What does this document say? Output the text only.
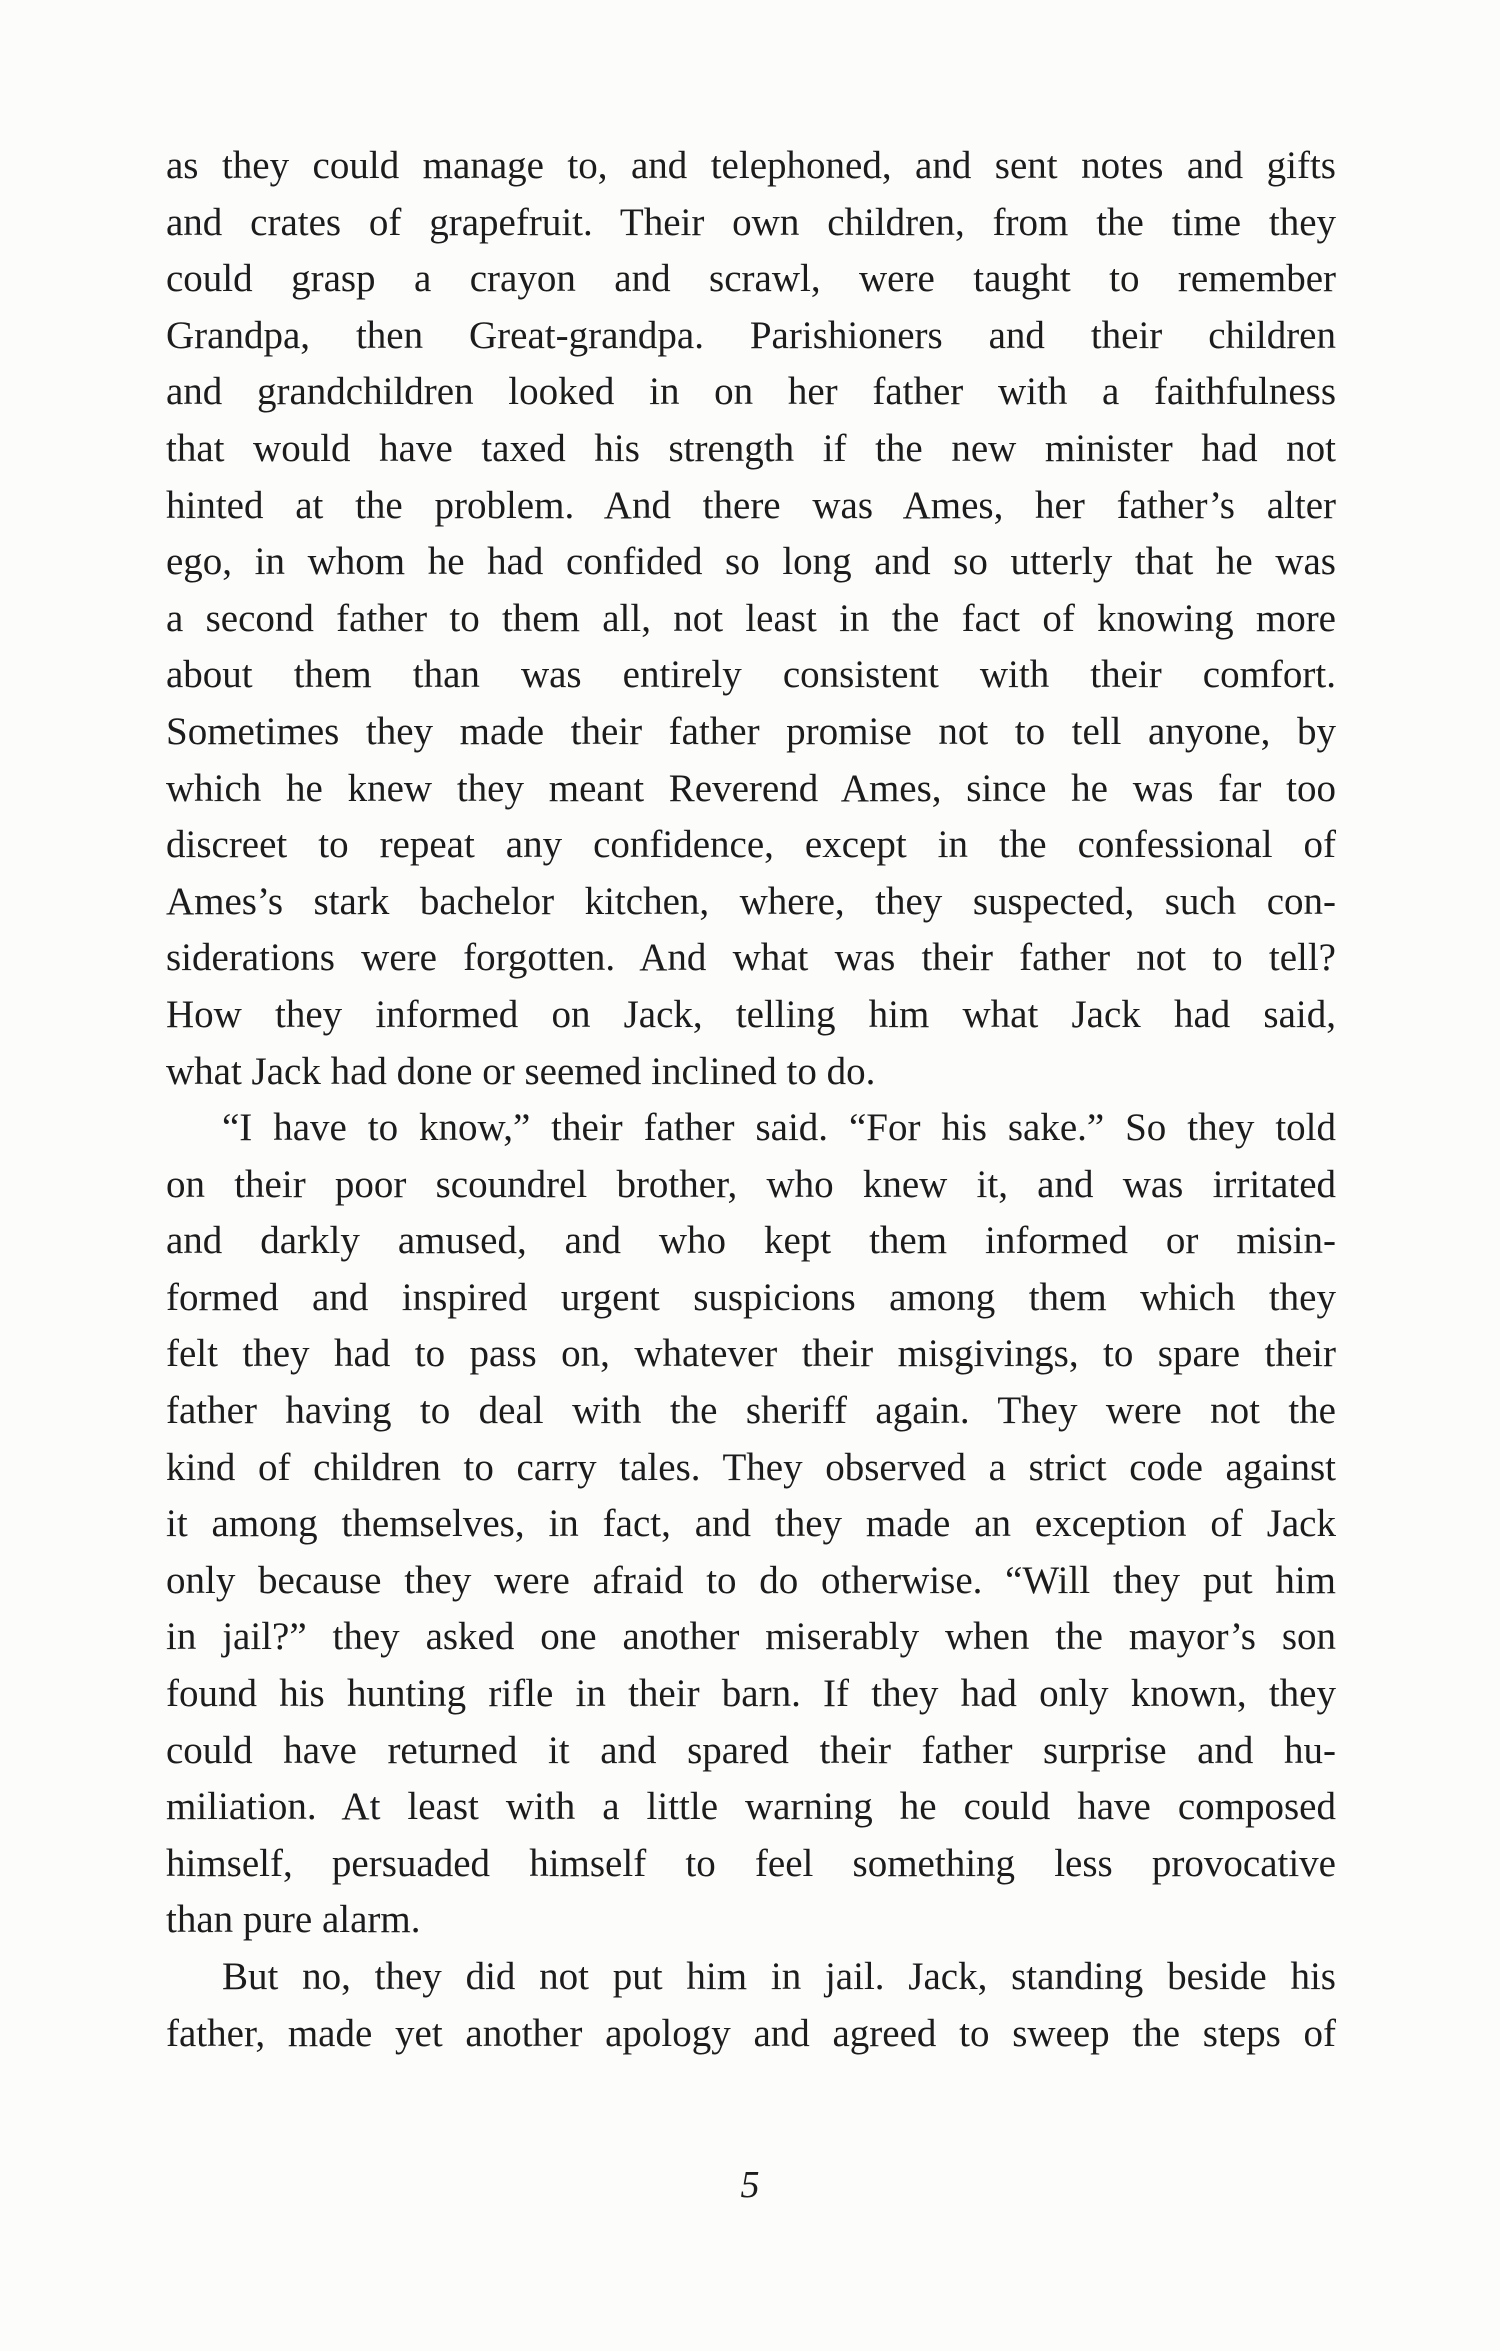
as they could manage to, and telephoned, and sent notes and gifts
and crates of grapefruit. Their own children, from the time they
could grasp a crayon and scrawl, were taught to remember
Grandpa, then Great-grandpa. Parishioners and their children
and grandchildren looked in on her father with a faithfulness
that would have taxed his strength if the new minister had not
hinted at the problem. And there was Ames, her father’s alter
ego, in whom he had confided so long and so utterly that he was
a second father to them all, not least in the fact of knowing more
about them than was entirely consistent with their comfort.
Sometimes they made their father promise not to tell anyone, by
which he knew they meant Reverend Ames, since he was far too
discreet to repeat any confidence, except in the confessional of
Ames’s stark bachelor kitchen, where, they suspected, such con-
siderations were forgotten. And what was their father not to tell?
How they informed on Jack, telling him what Jack had said,
what Jack had done or seemed inclined to do.
“I have to know,” their father said. “For his sake.” So they told
on their poor scoundrel brother, who knew it, and was irritated
and darkly amused, and who kept them informed or misin-
formed and inspired urgent suspicions among them which they
felt they had to pass on, whatever their misgivings, to spare their
father having to deal with the sheriff again. They were not the
kind of children to carry tales. They observed a strict code against
it among themselves, in fact, and they made an exception of Jack
only because they were afraid to do otherwise. “Will they put him
in jail?” they asked one another miserably when the mayor’s son
found his hunting rifle in their barn. If they had only known, they
could have returned it and spared their father surprise and hu-
miliation. At least with a little warning he could have composed
himself, persuaded himself to feel something less provocative
than pure alarm.
But no, they did not put him in jail. Jack, standing beside his
father, made yet another apology and agreed to sweep the steps of
5
